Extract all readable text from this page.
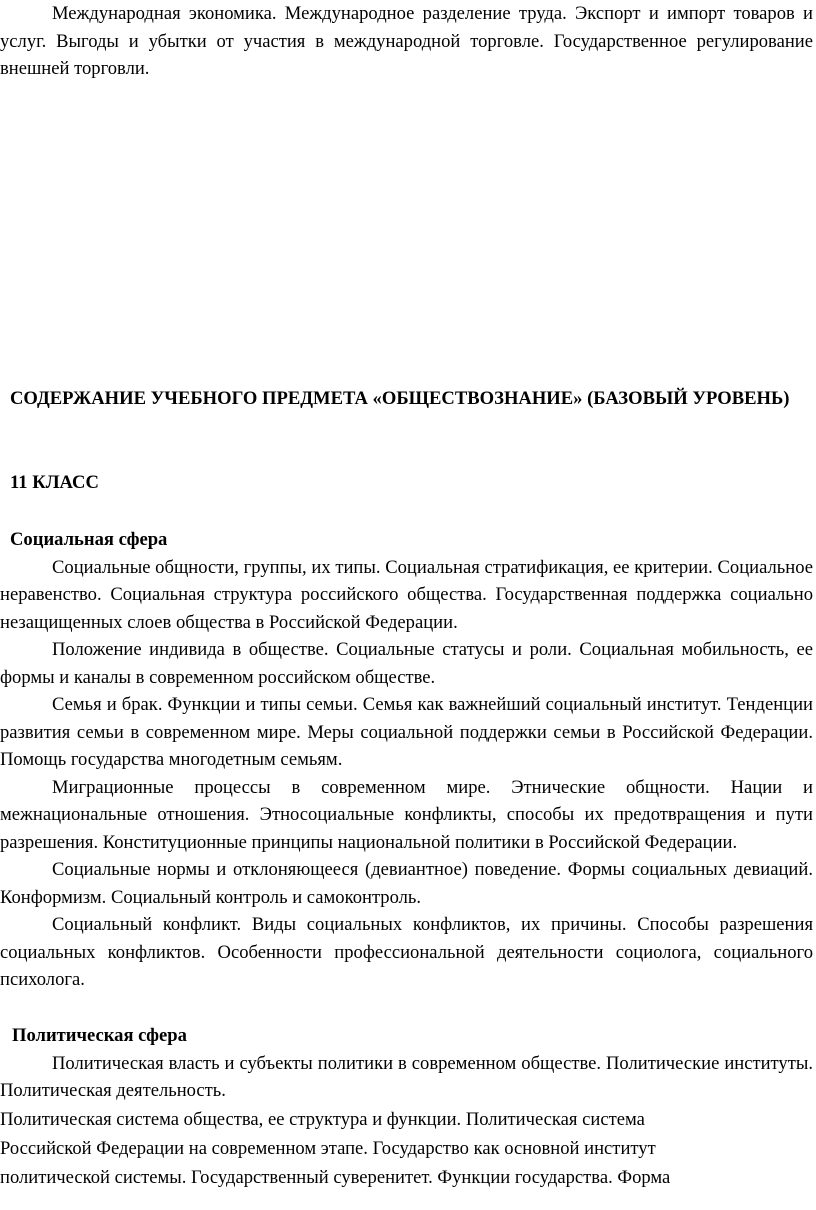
Международная экономика. Международное разделение труда. Экспорт и импорт товаров и услуг. Выгоды и убытки от участия в международной торговле. Государственное регулирование внешней торговли.

СОДЕРЖАНИЕ УЧЕБНОГО ПРЕДМЕТА «ОБЩЕСТВОЗНАНИЕ» (БАЗОВЫЙ УРОВЕНЬ)
11 КЛАСС
Социальная сфера

Социальные общности, группы, их типы. Социальная стратификация, ее критерии. Социальное неравенство. Социальная структура российского общества. Государственная поддержка социально незащищенных слоев общества в Российской Федерации.

Положение индивида в обществе. Социальные статусы и роли. Социальная мобильность, ее формы и каналы в современном российском обществе.

Семья и брак. Функции и типы семьи. Семья как важнейший социальный институт. Тенденции развития семьи в современном мире. Меры социальной поддержки семьи в Российской Федерации. Помощь государства многодетным семьям.

Миграционные процессы в современном мире. Этнические общности. Нации и межнациональные отношения. Этносоциальные конфликты, способы их предотвращения и пути разрешения. Конституционные принципы национальной политики в Российской Федерации.

Социальные нормы и отклоняющееся (девиантное) поведение. Формы социальных девиаций. Конформизм. Социальный контроль и самоконтроль.

Социальный конфликт. Виды социальных конфликтов, их причины. Способы разрешения социальных конфликтов. Особенности профессиональной деятельности социолога, социального психолога.

Политическая сфера

Политическая власть и субъекты политики в современном обществе. Политические институты. Политическая деятельность.

Политическая система общества, ее структура и функции. Политическая система
Российской Федерации на современном этапе. Государство как основной институт
политической системы. Государственный суверенитет. Функции государства. Форма
